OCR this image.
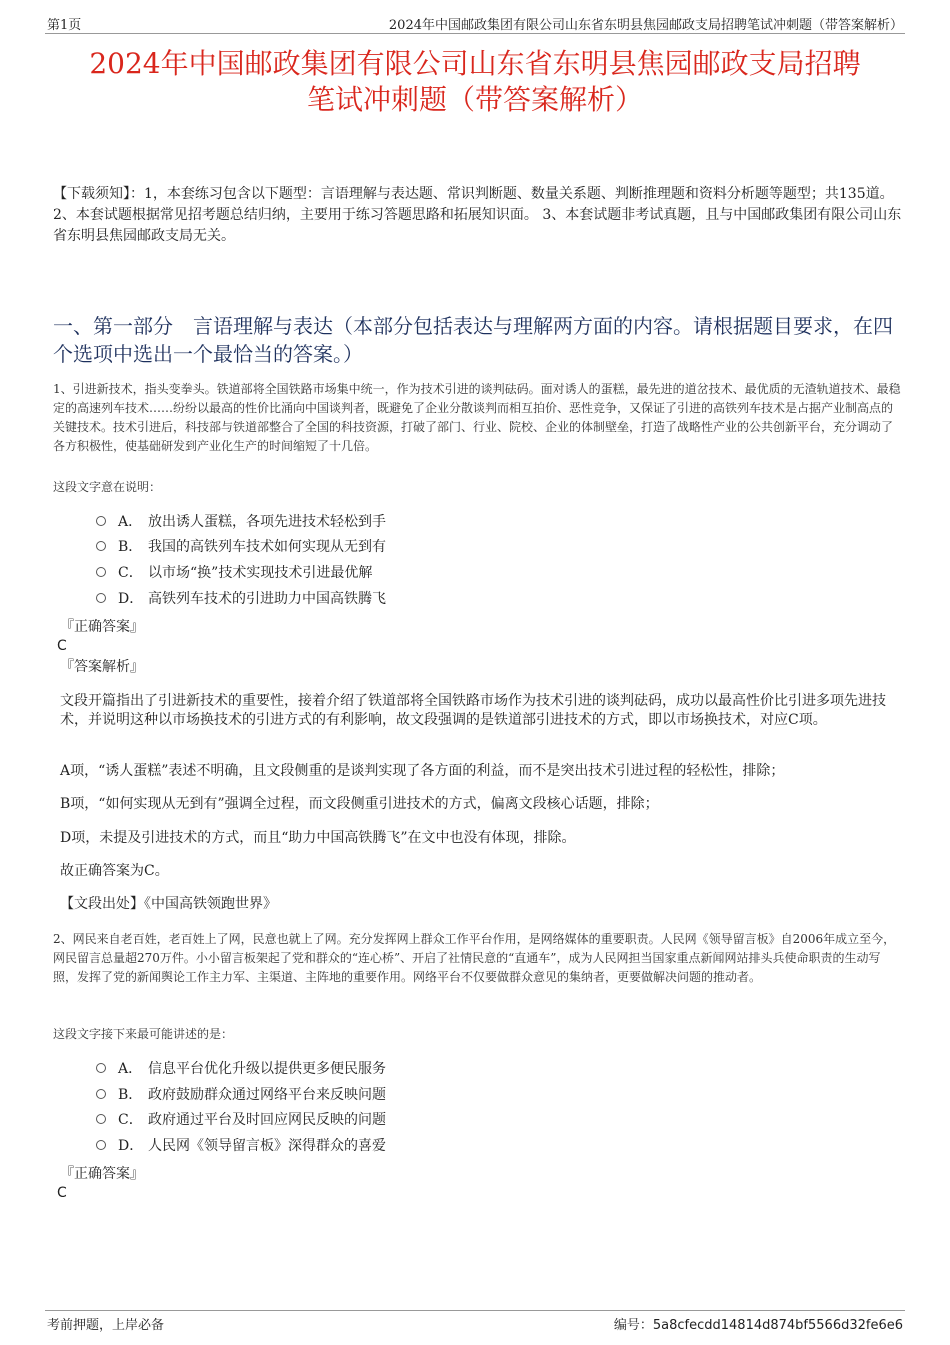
第1页	2024年中国邮政集团有限公司山东省东明县焦园邮政支局招聘笔试冲刺题（带答案解析）
2024年中国邮政集团有限公司山东省东明县焦园邮政支局招聘
笔试冲刺题（带答案解析）
【下载须知】：1，本套练习包含以下题型：言语理解与表达题、常识判断题、数量关系题、判断推理题和资料分析题等题型；共135道。 2、本套试题根据常见招考题总结归纳，主要用于练习答题思路和拓展知识面。 3、本套试题非考试真题，且与中国邮政集团有限公司山东省东明县焦园邮政支局无关。
一、第一部分　言语理解与表达（本部分包括表达与理解两方面的内容。请根据题目要求，在四个选项中选出一个最恰当的答案。）
1、引进新技术，指头变拳头。铁道部将全国铁路市场集中统一，作为技术引进的谈判砝码。面对诱人的蛋糕，最先进的道岔技术、最优质的无渣轨道技术、最稳定的高速列车技术……纷纷以最高的性价比涌向中国谈判者，既避免了企业分散谈判而相互拍价、恶性竞争，又保证了引进的高铁列车技术是占据产业制高点的关键技术。技术引进后，科技部与铁道部整合了全国的科技资源，打破了部门、行业、院校、企业的体制壁垒，打造了战略性产业的公共创新平台，充分调动了各方积极性，使基础研发到产业化生产的时间缩短了十几倍。
这段文字意在说明：
A． 放出诱人蛋糕，各项先进技术轻松到手
B． 我国的高铁列车技术如何实现从无到有
C． 以市场“换”技术实现技术引进最优解
D． 高铁列车技术的引进助力中国高铁腾飞
『正确答案』
C
『答案解析』
文段开篇指出了引进新技术的重要性，接着介绍了铁道部将全国铁路市场作为技术引进的谈判砝码，成功以最高性价比引进多项先进技术，并说明这种以市场换技术的引进方式的有利影响，故文段强调的是铁道部引进技术的方式，即以市场换技术，对应C项。
A项，“诱人蛋糕”表述不明确，且文段侧重的是谈判实现了各方面的利益，而不是突出技术引进过程的轻松性，排除；
B项，“如何实现从无到有”强调全过程，而文段侧重引进技术的方式，偏离文段核心话题，排除；
D项，未提及引进技术的方式，而且“助力中国高铁腾飞”在文中也没有体现，排除。
故正确答案为C。
【文段出处】《中国高铁领跑世界》
2、网民来自老百姓，老百姓上了网，民意也就上了网。充分发挥网上群众工作平台作用，是网络媒体的重要职责。人民网《领导留言板》自2006年成立至今，网民留言总量超270万件。小小留言板架起了党和群众的“连心桥”、开启了社情民意的“直通车”，成为人民网担当国家重点新闻网站排头兵使命职责的生动写照，发挥了党的新闻舆论工作主力军、主渠道、主阵地的重要作用。网络平台不仅要做群众意见的集纳者，更要做解决问题的推动者。
这段文字接下来最可能讲述的是：
A． 信息平台优化升级以提供更多便民服务
B． 政府鼓励群众通过网络平台来反映问题
C． 政府通过平台及时回应网民反映的问题
D． 人民网《领导留言板》深得群众的喜爱
『正确答案』
C
考前押题，上岸必备	编号：5a8cfecdd14814d874bf5566d32fe6e6
